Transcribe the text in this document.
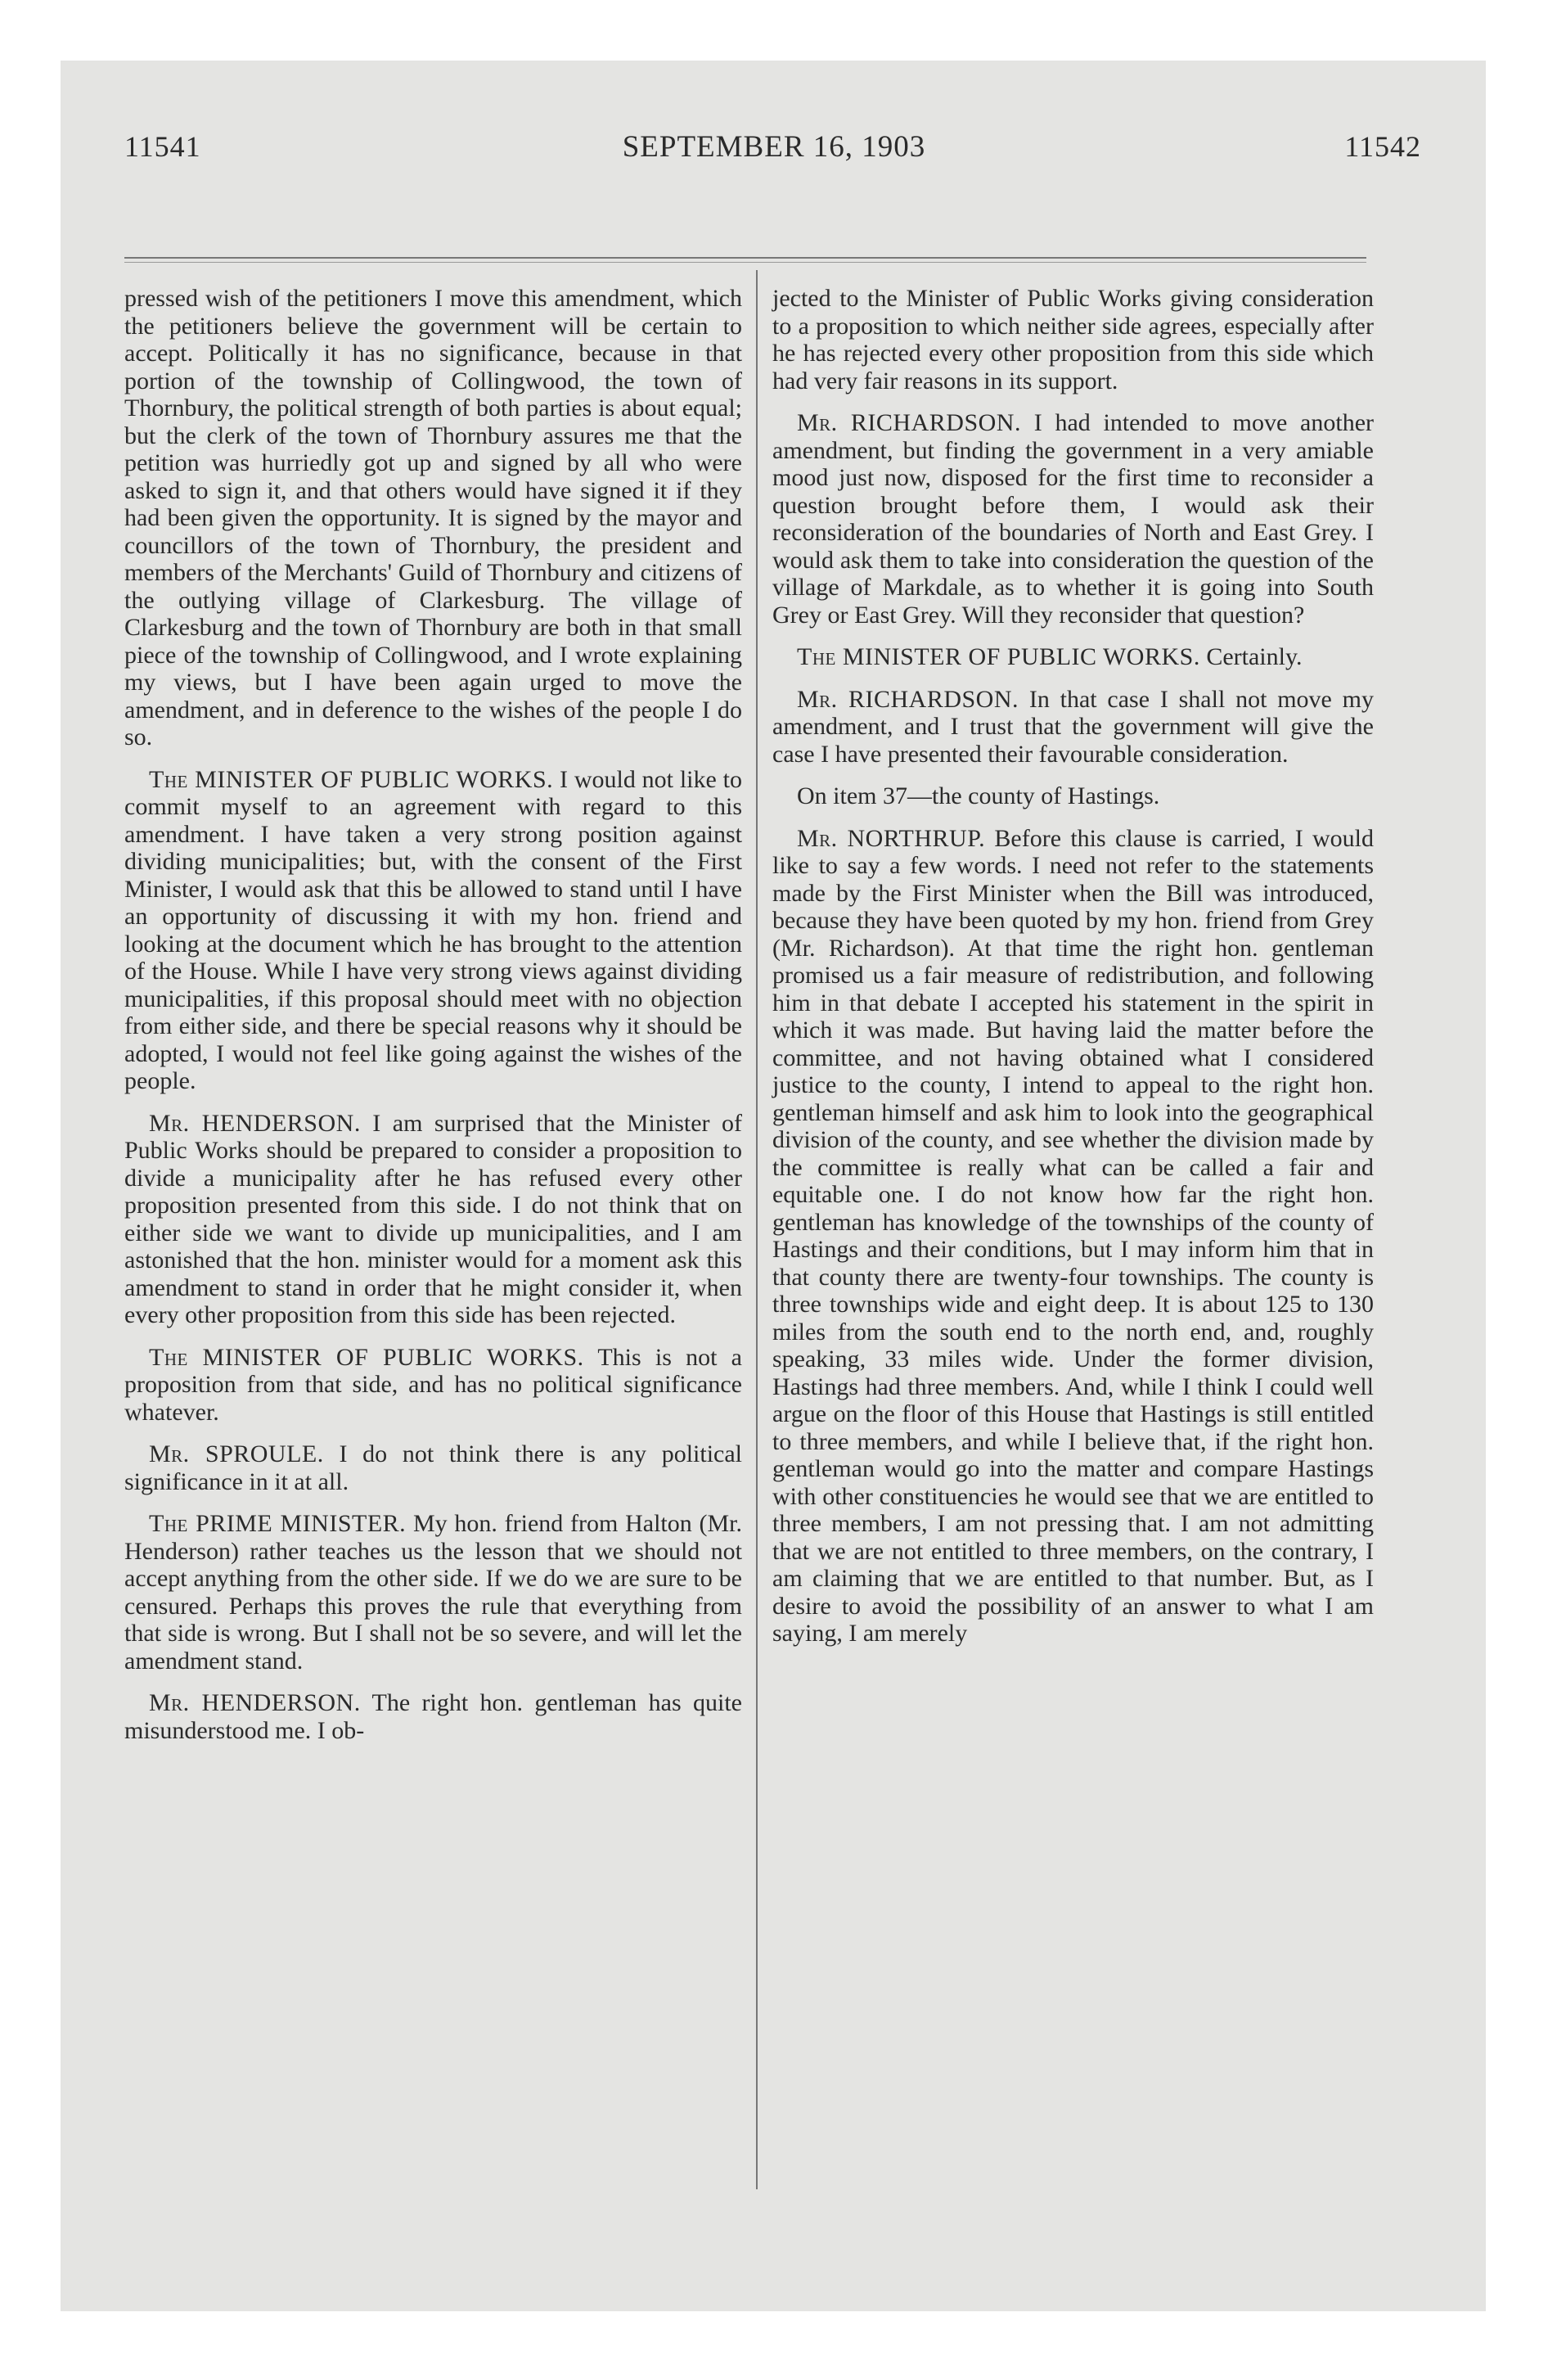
11541	SEPTEMBER 16, 1903	11542

pressed wish of the petitioners I move this amendment, which the petitioners believe the government will be certain to accept. Politically it has no significance, because in that portion of the township of Collingwood, the town of Thornbury, the political strength of both parties is about equal; but the clerk of the town of Thornbury assures me that the petition was hurriedly got up and signed by all who were asked to sign it, and that others would have signed it if they had been given the opportunity. It is signed by the mayor and councillors of the town of Thornbury, the president and members of the Merchants' Guild of Thornbury and citizens of the outlying village of Clarkesburg. The village of Clarkesburg and the town of Thornbury are both in that small piece of the township of Collingwood, and I wrote explaining my views, but I have been again urged to move the amendment, and in deference to the wishes of the people I do so.

The MINISTER OF PUBLIC WORKS. I would not like to commit myself to an agreement with regard to this amendment. I have taken a very strong position against dividing municipalities; but, with the consent of the First Minister, I would ask that this be allowed to stand until I have an opportunity of discussing it with my hon. friend and looking at the document which he has brought to the attention of the House. While I have very strong views against dividing municipalities, if this proposal should meet with no objection from either side, and there be special reasons why it should be adopted, I would not feel like going against the wishes of the people.

Mr. HENDERSON. I am surprised that the Minister of Public Works should be prepared to consider a proposition to divide a municipality after he has refused every other proposition presented from this side. I do not think that on either side we want to divide up municipalities, and I am astonished that the hon. minister would for a moment ask this amendment to stand in order that he might consider it, when every other proposition from this side has been rejected.

The MINISTER OF PUBLIC WORKS. This is not a proposition from that side, and has no political significance whatever.

Mr. SPROULE. I do not think there is any political significance in it at all.

The PRIME MINISTER. My hon. friend from Halton (Mr. Henderson) rather teaches us the lesson that we should not accept anything from the other side. If we do we are sure to be censured. Perhaps this proves the rule that everything from that side is wrong. But I shall not be so severe, and will let the amendment stand.

Mr. HENDERSON. The right hon. gentleman has quite misunderstood me. I ob-

jected to the Minister of Public Works giving consideration to a proposition to which neither side agrees, especially after he has rejected every other proposition from this side which had very fair reasons in its support.

Mr. RICHARDSON. I had intended to move another amendment, but finding the government in a very amiable mood just now, disposed for the first time to reconsider a question brought before them, I would ask their reconsideration of the boundaries of North and East Grey. I would ask them to take into consideration the question of the village of Markdale, as to whether it is going into South Grey or East Grey. Will they reconsider that question?

The MINISTER OF PUBLIC WORKS. Certainly.

Mr. RICHARDSON. In that case I shall not move my amendment, and I trust that the government will give the case I have presented their favourable consideration.

On item 37—the county of Hastings.

Mr. NORTHRUP. Before this clause is carried, I would like to say a few words. I need not refer to the statements made by the First Minister when the Bill was introduced, because they have been quoted by my hon. friend from Grey (Mr. Richardson). At that time the right hon. gentleman promised us a fair measure of redistribution, and following him in that debate I accepted his statement in the spirit in which it was made. But having laid the matter before the committee, and not having obtained what I considered justice to the county, I intend to appeal to the right hon. gentleman himself and ask him to look into the geographical division of the county, and see whether the division made by the committee is really what can be called a fair and equitable one. I do not know how far the right hon. gentleman has knowledge of the townships of the county of Hastings and their conditions, but I may inform him that in that county there are twenty-four townships. The county is three townships wide and eight deep. It is about 125 to 130 miles from the south end to the north end, and, roughly speaking, 33 miles wide. Under the former division, Hastings had three members. And, while I think I could well argue on the floor of this House that Hastings is still entitled to three members, and while I believe that, if the right hon. gentleman would go into the matter and compare Hastings with other constituencies he would see that we are entitled to three members, I am not pressing that. I am not admitting that we are not entitled to three members, on the contrary, I am claiming that we are entitled to that number. But, as I desire to avoid the possibility of an answer to what I am saying, I am merely
